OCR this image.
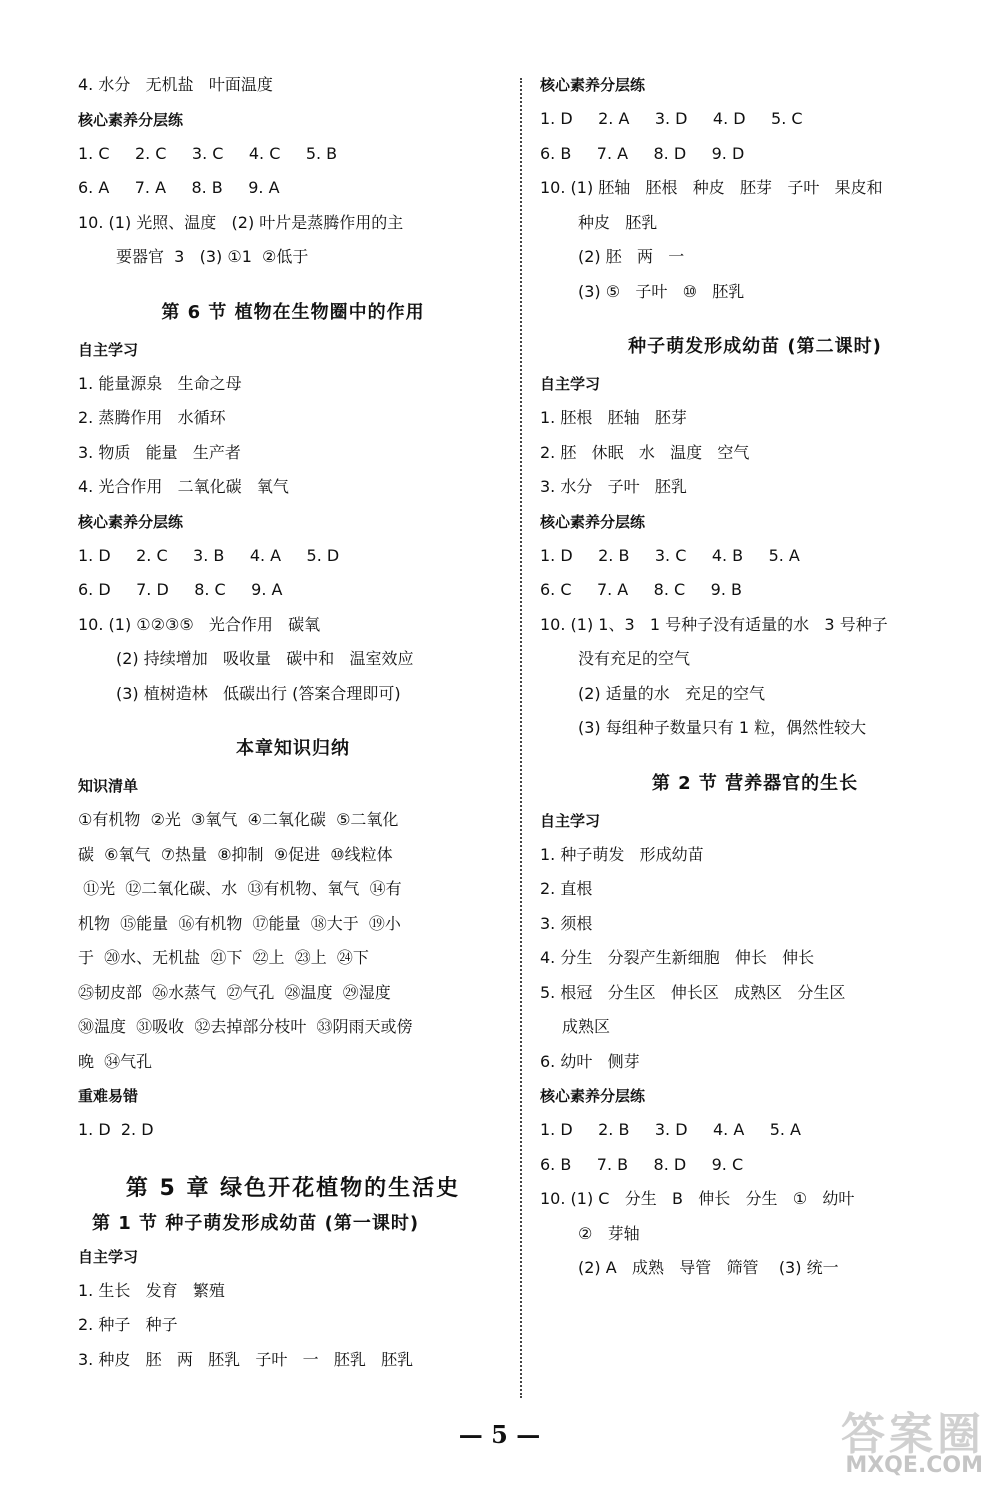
4. 水分   无机盐   叶面温度
核心素养分层练
1. C     2. C     3. C     4. C     5. B
6. A     7. A     8. B     9. A
10. (1) 光照、温度   (2) 叶片是蒸腾作用的主
要器官  3   (3) ①1  ②低于
第 6 节 植物在生物圈中的作用
自主学习
1. 能量源泉   生命之母
2. 蒸腾作用   水循环
3. 物质   能量   生产者
4. 光合作用   二氧化碳   氧气
核心素养分层练
1. D     2. C     3. B     4. A     5. D
6. D     7. D     8. C     9. A
10. (1) ①②③⑤   光合作用   碳氧
(2) 持续增加   吸收量   碳中和   温室效应
(3) 植树造林   低碳出行 (答案合理即可)
本章知识归纳
知识清单
①有机物  ②光  ③氧气  ④二氧化碳  ⑤二氧化
碳  ⑥氧气  ⑦热量  ⑧抑制  ⑨促进  ⑩线粒体
⑪光  ⑫二氧化碳、水  ⑬有机物、氧气  ⑭有
机物  ⑮能量  ⑯有机物  ⑰能量  ⑱大于  ⑲小
于  ⑳水、无机盐  ㉑下  ㉒上  ㉓上  ㉔下
㉕韧皮部  ㉖水蒸气  ㉗气孔  ㉘温度  ㉙湿度
㉚温度  ㉛吸收  ㉜去掉部分枝叶  ㉝阴雨天或傍
晚  ㉞气孔
重难易错
1. D  2. D
第 5 章 绿色开花植物的生活史
第 1 节 种子萌发形成幼苗 (第一课时)
自主学习
1. 生长   发育   繁殖
2. 种子   种子
3. 种皮   胚   两   胚乳   子叶   一   胚乳   胚乳
核心素养分层练
1. D     2. A     3. D     4. D     5. C
6. B     7. A     8. D     9. D
10. (1) 胚轴   胚根   种皮   胚芽   子叶   果皮和
种皮   胚乳
(2) 胚   两   一
(3) ⑤   子叶   ⑩   胚乳
种子萌发形成幼苗 (第二课时)
自主学习
1. 胚根   胚轴   胚芽
2. 胚   休眠   水   温度   空气
3. 水分   子叶   胚乳
核心素养分层练
1. D     2. B     3. C     4. B     5. A
6. C     7. A     8. C     9. B
10. (1) 1、3   1 号种子没有适量的水   3 号种子
没有充足的空气
(2) 适量的水   充足的空气
(3) 每组种子数量只有 1 粒，偶然性较大
第 2 节 营养器官的生长
自主学习
1. 种子萌发   形成幼苗
2. 直根
3. 须根
4. 分生   分裂产生新细胞   伸长   伸长
5. 根冠   分生区   伸长区   成熟区   分生区
成熟区
6. 幼叶   侧芽
核心素养分层练
1. D     2. B     3. D     4. A     5. A
6. B     7. B     8. D     9. C
10. (1) C   分生   B   伸长   分生   ①   幼叶
②   芽轴
(2) A   成熟   导管   筛管    (3) 统一
— 5 —	答案圈
MXQE.COM
